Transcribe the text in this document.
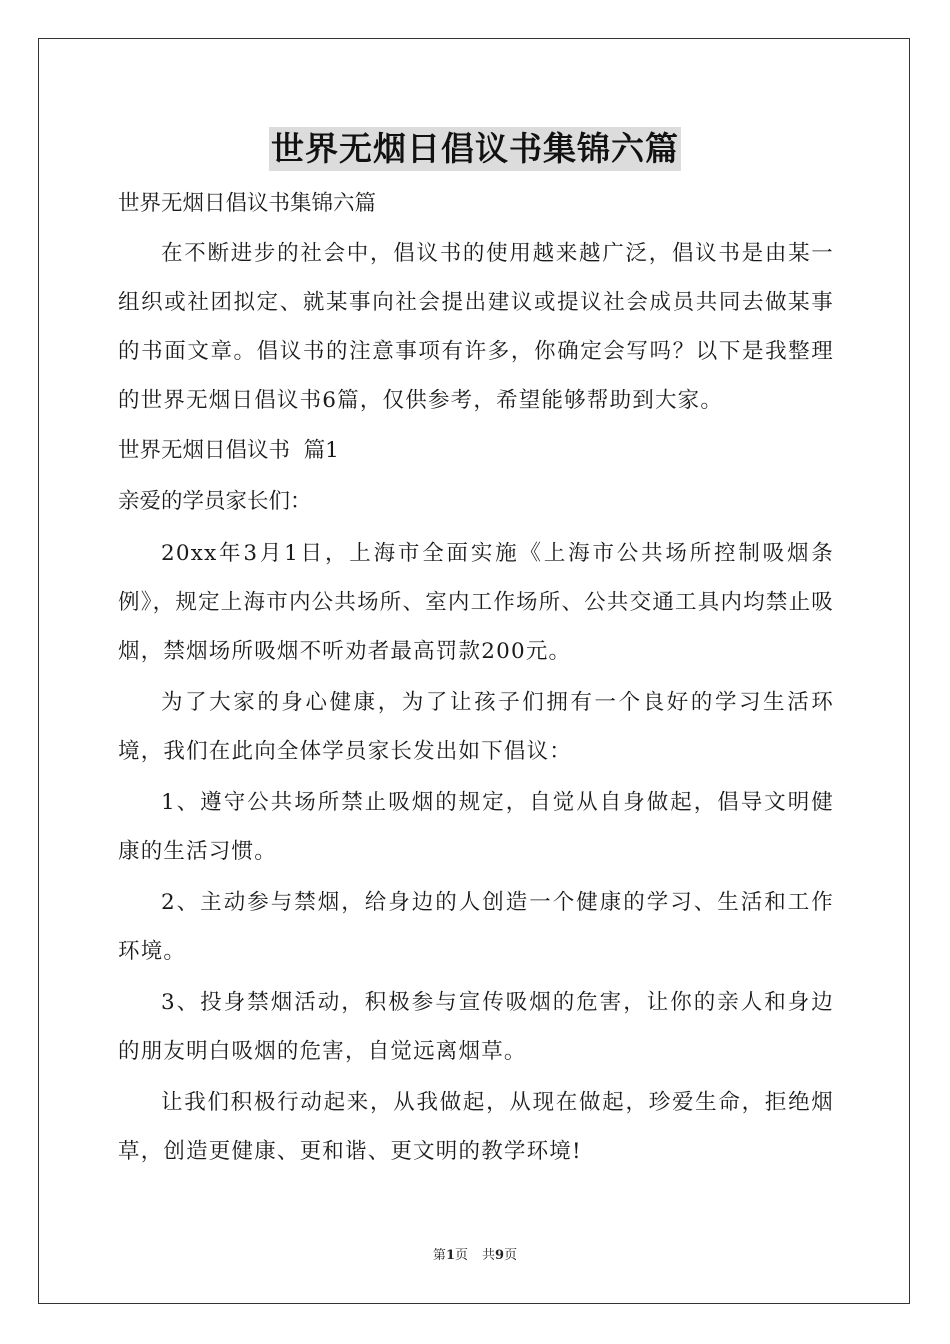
世界无烟日倡议书集锦六篇

世界无烟日倡议书集锦六篇

在不断进步的社会中，倡议书的使用越来越广泛，倡议书是由某一组织或社团拟定、就某事向社会提出建议或提议社会成员共同去做某事的书面文章。倡议书的注意事项有许多，你确定会写吗？以下是我整理的世界无烟日倡议书6篇，仅供参考，希望能够帮助到大家。

世界无烟日倡议书  篇1

亲爱的学员家长们：

20xx年3月1日，上海市全面实施《上海市公共场所控制吸烟条例》，规定上海市内公共场所、室内工作场所、公共交通工具内均禁止吸烟，禁烟场所吸烟不听劝者最高罚款200元。

为了大家的身心健康，为了让孩子们拥有一个良好的学习生活环境，我们在此向全体学员家长发出如下倡议：

1、遵守公共场所禁止吸烟的规定，自觉从自身做起，倡导文明健康的生活习惯。

2、主动参与禁烟，给身边的人创造一个健康的学习、生活和工作环境。

3、投身禁烟活动，积极参与宣传吸烟的危害，让你的亲人和身边的朋友明白吸烟的危害，自觉远离烟草。

让我们积极行动起来，从我做起，从现在做起，珍爱生命，拒绝烟草，创造更健康、更和谐、更文明的教学环境!

第1页 共9页
